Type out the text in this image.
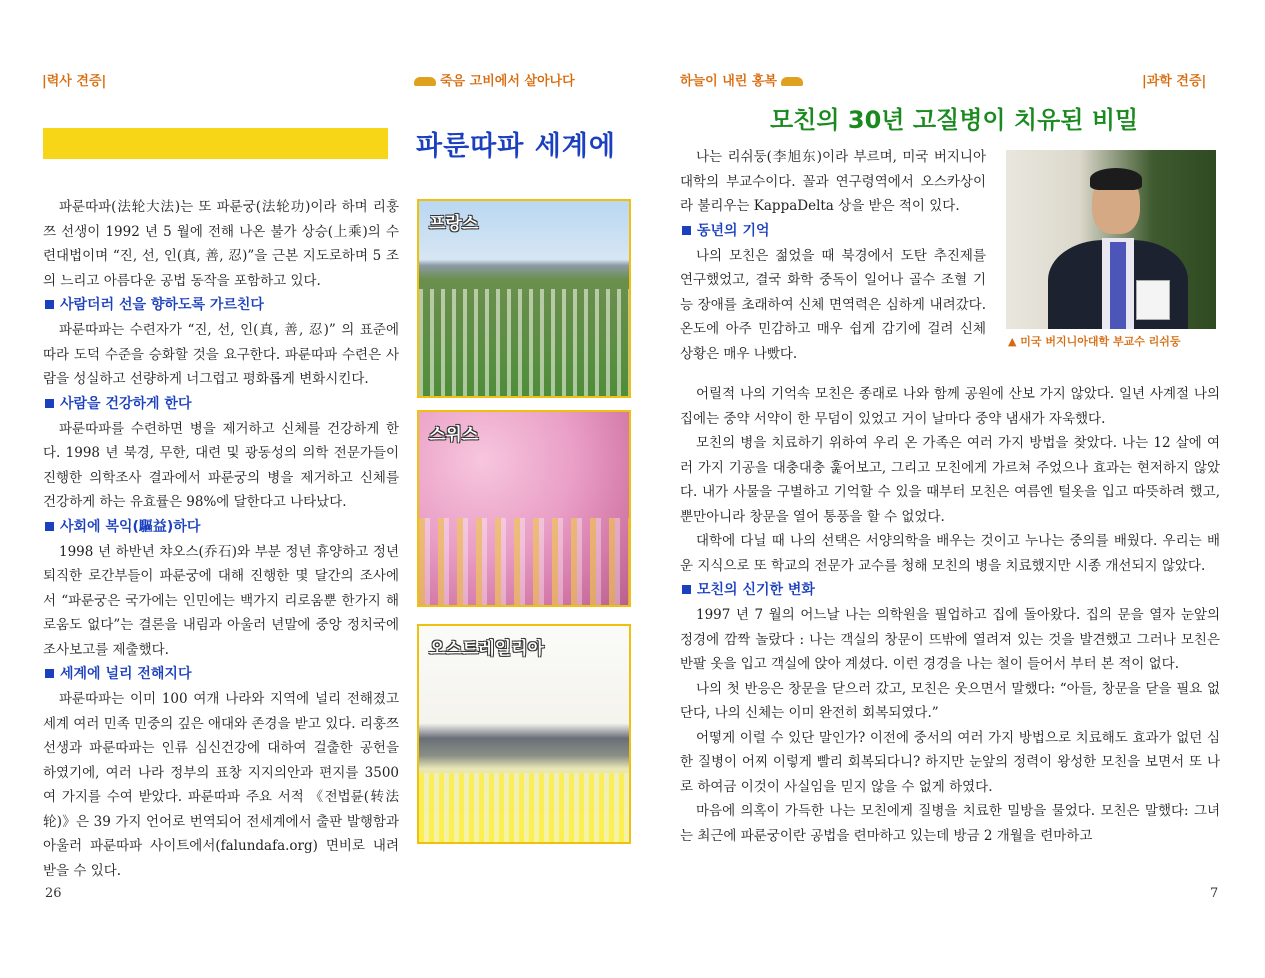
|력사 견증|	죽음 고비에서 살아나다	하늘이 내린 홍복	|과학 견증|
파룬따파 세계에

파룬따파(法轮大法)는 또 파룬궁(法轮功)이라 하며 리훙쯔 선생이 1992 년 5 월에 전해 나온 불가 상승(上乘)의 수련대법이며 “진, 선, 인(真, 善, 忍)”을 근본 지도로하며 5 조의 느리고 아름다운 공법 동작을 포함하고 있다.

사람더러 선을 향하도록 가르친다

파룬따파는 수련자가 “진, 선, 인(真, 善, 忍)” 의 표준에 따라 도덕 수준을 승화할 것을 요구한다. 파룬따파 수련은 사람을 성실하고 선량하게 너그럽고 평화롭게 변화시킨다.

사람을 건강하게 한다

파룬따파를 수련하면 병을 제거하고 신체를 건강하게 한다. 1998 년 북경, 무한, 대련 및 광동성의 의학 전문가들이 진행한 의학조사 결과에서 파룬궁의 병을 제거하고 신체를 건강하게 하는 유효률은 98%에 달한다고 나타났다.

사회에 복익(驅益)하다

1998 년 하반년 챠오스(乔石)와 부분 정년 휴양하고 정년 퇴직한 로간부들이 파룬궁에 대해 진행한 몇 달간의 조사에서 “파룬궁은 국가에는 인민에는 백가지 리로움뿐 한가지 해로움도 없다”는 결론을 내림과 아울러 년말에 중앙 정치국에 조사보고를 제출했다.

세계에 널리 전해지다

파룬따파는 이미 100 여개 나라와 지역에 널리 전해졌고 세계 여러 민족 민중의 깊은 애대와 존경을 받고 있다. 리훙쯔 선생과 파룬따파는 인류 심신건강에 대하여 걸출한 공헌을 하였기에, 여러 나라 정부의 표창 지지의안과 편지를 3500 여 가지를 수여 받았다. 파룬따파 주요 서적 《전법륜(转法轮)》은 39 가지 언어로 번역되어 전세계에서 출판 발행함과 아울러 파룬따파 사이트에서(falundafa.org) 면비로 내려 받을 수 있다.

프랑스
스위스
오스트레일리아
26
모친의 30년 고질병이 치유된 비밀

나는 리쉬둥(李旭东)이라 부르며, 미국 버지니아대학의 부교수이다. 꼴과 연구령역에서 오스카상이라 불리우는 KappaDelta 상을 받은 적이 있다.

동년의 기억

나의 모친은 젊었을 때 북경에서 도탄 추진제를 연구했었고, 결국 화학 중독이 일어나 골수 조혈 기능 장애를 초래하여 신체 면역력은 심하게 내려갔다. 온도에 아주 민감하고 매우 쉽게 감기에 걸려 신체 상황은 매우 나빴다.

▲ 미국 버지니아대학 부교수 리쉬둥

어릴적 나의 기억속 모친은 종래로 나와 함께 공원에 산보 가지 않았다. 일년 사계절 나의 집에는 중약 서약이 한 무덤이 있었고 거이 날마다 중약 냄새가 자욱했다.

모친의 병을 치료하기 위하여 우리 온 가족은 여러 가지 방법을 찾았다. 나는 12 살에 여러 가지 기공을 대충대충 훑어보고, 그리고 모친에게 가르쳐 주었으나 효과는 현저하지 않았다. 내가 사물을 구별하고 기억할 수 있을 때부터 모친은 여름엔 털옷을 입고 따뜻하려 했고, 뿐만아니라 창문을 열어 통풍을 할 수 없었다.

대학에 다닐 때 나의 선택은 서양의학을 배우는 것이고 누나는 중의를 배웠다. 우리는 배운 지식으로 또 학교의 전문가 교수를 청해 모친의 병을 치료했지만 시종 개선되지 않았다.

모친의 신기한 변화

1997 년 7 월의 어느날 나는 의학원을 필업하고 집에 돌아왔다. 집의 문을 열자 눈앞의 정경에 깜짝 놀랐다 : 나는 객실의 창문이 뜨밖에 열려져 있는 것을 발견했고 그러나 모친은 반팔 옷을 입고 객실에 앉아 계셨다. 이런 경경을 나는 철이 들어서 부터 본 적이 없다.

나의 첫 반응은 창문을 닫으러 갔고, 모친은 웃으면서 말했다: “아들, 창문을 닫을 필요 없단다, 나의 신체는 이미 완전히 회복되였다.”

어떻게 이럴 수 있단 말인가? 이전에 중서의 여러 가지 방법으로 치료해도 효과가 없던 심한 질병이 어찌 이렇게 빨리 회복되다니? 하지만 눈앞의 정력이 왕성한 모친을 보면서 또 나로 하여금 이것이 사실임을 믿지 않을 수 없게 하였다.

마음에 의혹이 가득한 나는 모친에게 질병을 치료한 밀방을 물었다. 모친은 말했다: 그녀는 최근에 파룬궁이란 공법을 련마하고 있는데 방금 2 개월을 련마하고

7
